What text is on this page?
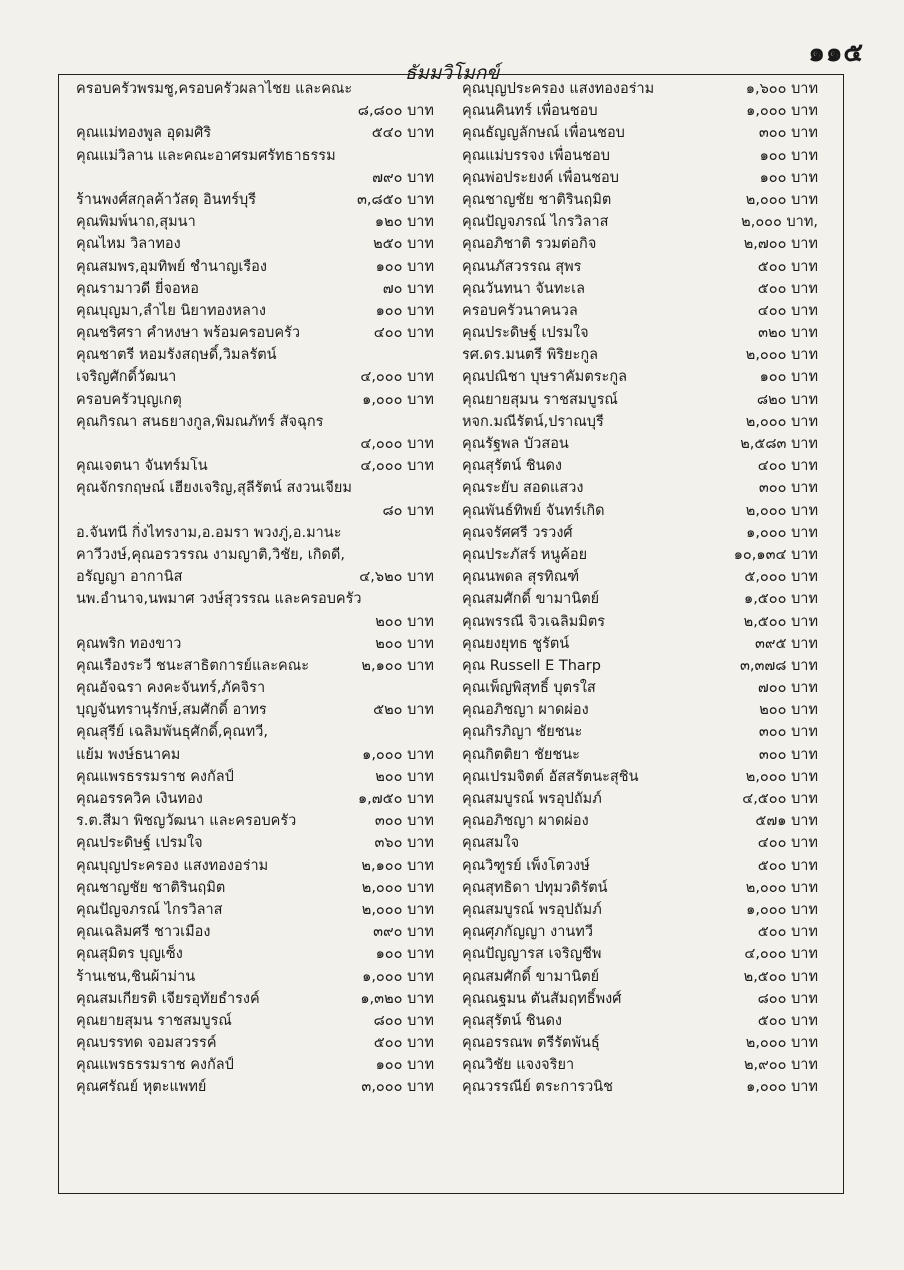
๑๑๕
ธัมมวิโมกข์
ครอบครัวพรมชู,ครอบครัวผลาไชย และคณะ
๘,๘๐๐ บาท
คุณแม่ทองพูล อุดมศิริ	๕๔๐ บาท
คุณแม่วิลาน และคณะอาศรมศรัทธาธรรม
๗๙๐ บาท
ร้านพงศ์สกุลค้าวัสดุ อินทร์บุรี	๓,๘๕๐ บาท
คุณพิมพ์นาถ,สุมนา	๑๒๐ บาท
คุณไหม วิลาทอง	๒๕๐ บาท
คุณสมพร,อุมทิพย์ ชำนาญเรือง	๑๐๐ บาท
คุณรามาวดี ยี่จอหอ	๗๐ บาท
คุณบุญมา,ลำไย นิยาทองหลาง	๑๐๐ บาท
คุณชริศรา คำหงษา พร้อมครอบครัว	๔๐๐ บาท
คุณชาตรี หอมรังสฤษดิ์,วิมลรัตน์
เจริญศักดิ์วัฒนา	๔,๐๐๐ บาท
ครอบครัวบุญเกตุ	๑,๐๐๐ บาท
คุณกิรณา สนธยางกูล,พิมณภัทร์ สัจฉุกร
๔,๐๐๐ บาท
คุณเจตนา จันทร์มโน	๔,๐๐๐ บาท
คุณจักรกฤษณ์ เฮียงเจริญ,สุลีรัตน์ สงวนเจียม
๘๐ บาท
อ.จันทนี กิ่งไทรงาม,อ.อมรา พวงภู่,อ.มานะ
คาวีวงษ์,คุณอรวรรณ งามญาติ,วิชัย, เกิดดี,
อรัญญา อากานิส	๔,๖๒๐ บาท
นพ.อำนาจ,นพมาศ วงษ์สุวรรณ และครอบครัว
๒๐๐ บาท
คุณพริก ทองขาว	๒๐๐ บาท
คุณเรืองระวี ชนะสาธิตการย์และคณะ	๒,๑๐๐ บาท
คุณอัจฉรา คงคะจันทร์,ภัคจิรา
บุญจันทรานุรักษ์,สมศักดิ์ อาทร	๕๒๐ บาท
คุณสุรีย์ เฉลิมพันธุศักดิ์,คุณทวี,
แย้ม พงษ์ธนาคม	๑,๐๐๐ บาท
คุณแพรธรรมราช คงกัลป์	๒๐๐ บาท
คุณอรรควิค เงินทอง	๑,๗๕๐ บาท
ร.ต.สีมา พิชญวัฒนา และครอบครัว	๓๐๐ บาท
คุณประดิษฐ์ เปรมใจ	๓๖๐ บาท
คุณบุญประครอง แสงทองอร่าม	๒,๑๐๐ บาท
คุณชาญชัย ชาติรินฤมิต	๒,๐๐๐ บาท
คุณปัญจภรณ์ ไกรวิลาส	๒,๐๐๐ บาท
คุณเฉลิมศรี ชาวเมือง	๓๙๐ บาท
คุณสุมิตร บุญเซ็ง	๑๐๐ บาท
ร้านเชน,ชินผ้าม่าน	๑,๐๐๐ บาท
คุณสมเกียรติ เจียรอุทัยธำรงค์	๑,๓๒๐ บาท
คุณยายสุมน ราชสมบูรณ์	๘๐๐ บาท
คุณบรรทด จอมสวรรค์	๕๐๐ บาท
คุณแพรธรรมราช คงกัลป์	๑๐๐ บาท
คุณศรัณย์ หุตะแพทย์	๓,๐๐๐ บาท
คุณบุญประครอง แสงทองอร่าม	๑,๖๐๐ บาท
คุณนคินทร์ เพื่อนชอบ	๑,๐๐๐ บาท
คุณธัญญลักษณ์ เพื่อนชอบ	๓๐๐ บาท
คุณแม่บรรจง เพื่อนชอบ	๑๐๐ บาท
คุณพ่อประยงค์ เพื่อนชอบ	๑๐๐ บาท
คุณชาญชัย ชาติรินฤมิต	๒,๐๐๐ บาท
คุณปัญจภรณ์ ไกรวิลาส	๒,๐๐๐ บาท,
คุณอภิชาติ รวมต่อกิจ	๒,๗๐๐ บาท
คุณนภัสวรรณ สุพร	๕๐๐ บาท
คุณวันทนา จันทะเล	๕๐๐ บาท
ครอบครัวนาคนวล	๔๐๐ บาท
คุณประดิษฐ์ เปรมใจ	๓๒๐ บาท
รศ.ดร.มนตรี พิริยะกูล	๒,๐๐๐ บาท
คุณปณิชา บุษราคัมตระกูล	๑๐๐ บาท
คุณยายสุมน ราชสมบูรณ์	๘๒๐ บาท
หจก.มณีรัตน์,ปราณบุรี	๒,๐๐๐ บาท
คุณรัฐพล บัวสอน	๒,๕๘๓ บาท
คุณสุรัตน์ ชินดง	๔๐๐ บาท
คุณระยับ สอดแสวง	๓๐๐ บาท
คุณพันธ์ทิพย์ จันทร์เกิด	๒,๐๐๐ บาท
คุณจรัศศรี วรวงศ์	๑,๐๐๐ บาท
คุณประภัสร์ หนูค้อย	๑๐,๑๓๔ บาท
คุณนพดล สุรทิณฑ์	๕,๐๐๐ บาท
คุณสมศักดิ์ ขามานิตย์	๑,๕๐๐ บาท
คุณพรรณี จิวเฉลิมมิตร	๒,๕๐๐ บาท
คุณยงยุทธ ชูรัตน์	๓๙๕ บาท
คุณ Russell E Tharp	๓,๓๗๘ บาท
คุณเพ็ญพิสุทธิ์ บุตรใส	๗๐๐ บาท
คุณอภิชญา ผาดผ่อง	๒๐๐ บาท
คุณกิรภิญา ชัยชนะ	๓๐๐ บาท
คุณกิตติยา ชัยชนะ	๓๐๐ บาท
คุณเปรมจิตต์ อัสสรัตนะสุชิน	๒,๐๐๐ บาท
คุณสมบูรณ์ พรอุปถัมภ์	๔,๕๐๐ บาท
คุณอภิชญา ผาดผ่อง	๕๗๑ บาท
คุณสมใจ	๔๐๐ บาท
คุณวิฑูรย์ เพ็งโตวงษ์	๕๐๐ บาท
คุณสุทธิดา ปทุมวดิรัตน์	๒,๐๐๐ บาท
คุณสมบูรณ์ พรอุปถัมภ์	๑,๐๐๐ บาท
คุณศุภกัญญา งานทวี	๕๐๐ บาท
คุณปัญญารส เจริญชีพ	๔,๐๐๐ บาท
คุณสมศักดิ์ ขามานิตย์	๒,๕๐๐ บาท
คุณณฐมน ตันสัมฤทธิ์พงศ์	๘๐๐ บาท
คุณสุรัตน์ ชินดง	๕๐๐ บาท
คุณอรรณพ ตรีรัตพันธุ์	๒,๐๐๐ บาท
คุณวิชัย แจงจริยา	๒,๙๐๐ บาท
คุณวรรณีย์ ตระการวนิช	๑,๐๐๐ บาท
